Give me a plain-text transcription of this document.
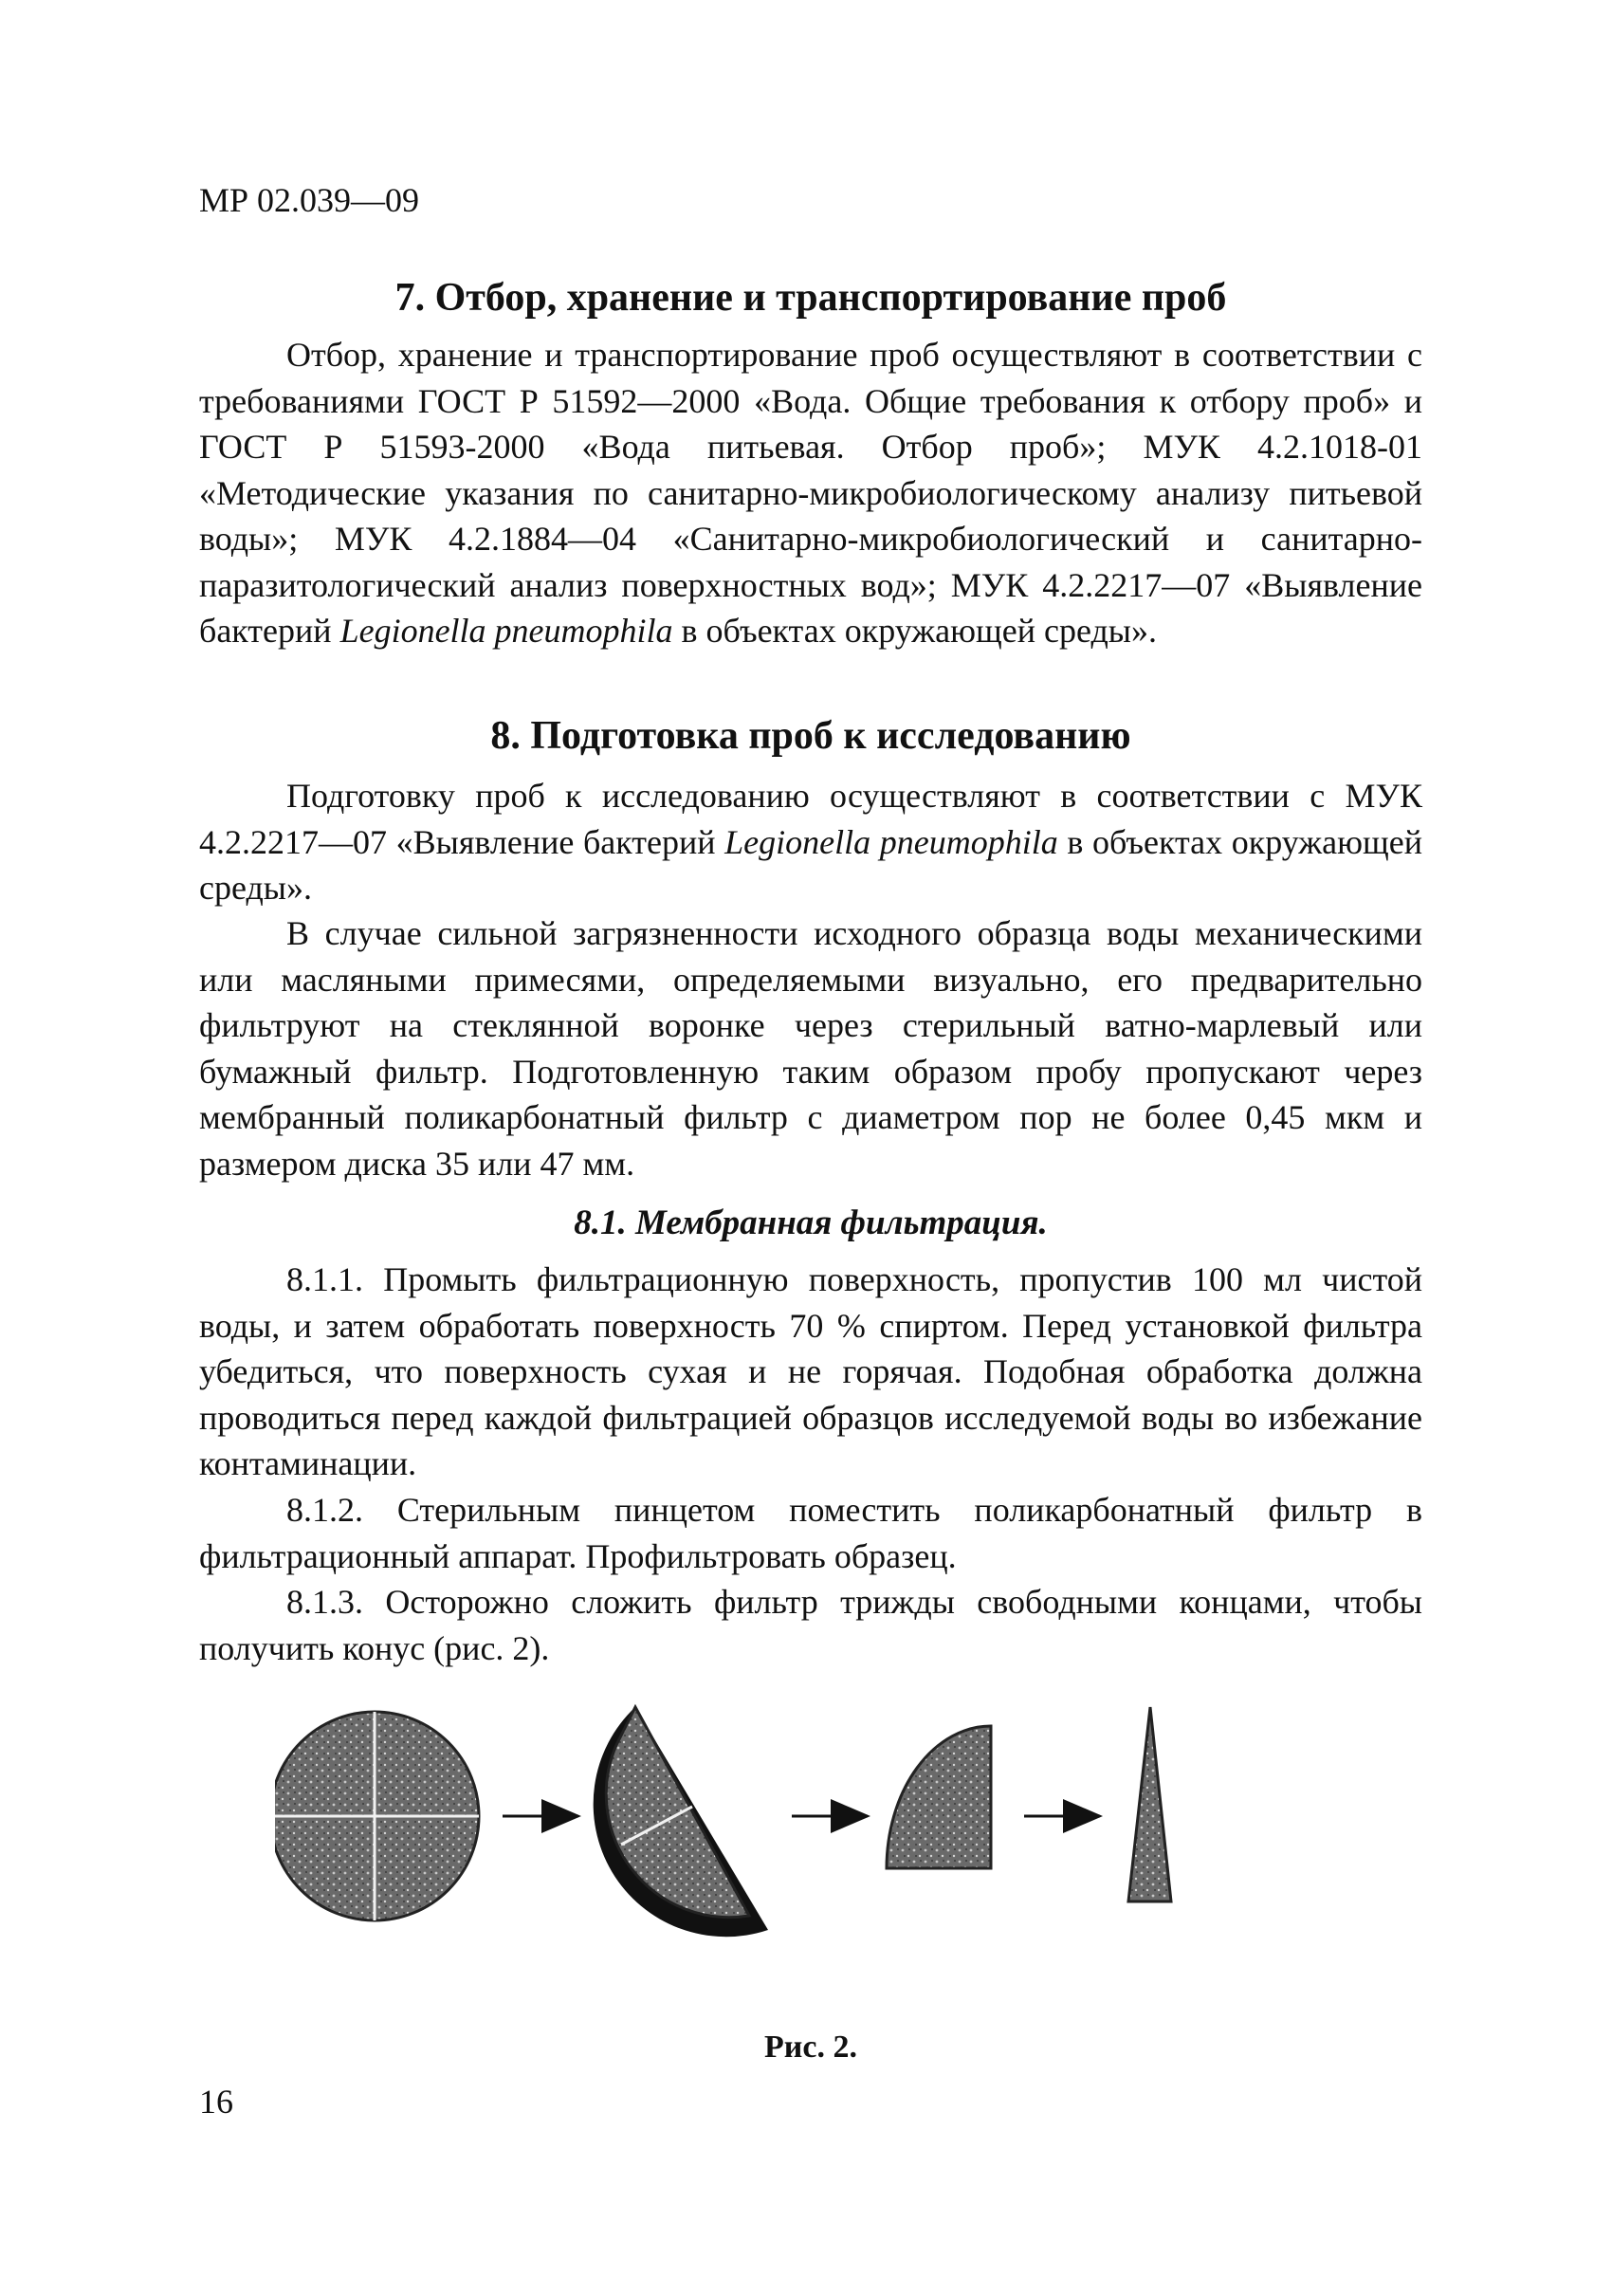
МР 02.039—09
7. Отбор, хранение и транспортирование проб
Отбор, хранение и транспортирование проб осуществляют в соответствии с требованиями ГОСТ Р 51592—2000 «Вода. Общие требования к отбору проб» и ГОСТ Р 51593-2000 «Вода питьевая. Отбор проб»; МУК 4.2.1018-01 «Методические указания по санитарно-микробиологическому анализу питьевой воды»; МУК 4.2.1884—04 «Санитарно-микробиологический и санитарно-паразитологический анализ поверхностных вод»; МУК 4.2.2217—07 «Выявление бактерий Legionella pneumophila в объектах окружающей среды».
8. Подготовка проб к исследованию
Подготовку проб к исследованию осуществляют в соответствии с МУК 4.2.2217—07 «Выявление бактерий Legionella pneumophila в объектах окружающей среды».
В случае сильной загрязненности исходного образца воды механическими или масляными примесями, определяемыми визуально, его предварительно фильтруют на стеклянной воронке через стерильный ватно-марлевый или бумажный фильтр. Подготовленную таким образом пробу пропускают через мембранный поликарбонатный фильтр с диаметром пор не более 0,45 мкм и размером диска 35 или 47 мм.
8.1. Мембранная фильтрация.
8.1.1. Промыть фильтрационную поверхность, пропустив 100 мл чистой воды, и затем обработать поверхность 70 % спиртом. Перед установкой фильтра убедиться, что поверхность сухая и не горячая. Подобная обработка должна проводиться перед каждой фильтрацией образцов исследуемой воды во избежание контаминации.
8.1.2. Стерильным пинцетом поместить поликарбонатный фильтр в фильтрационный аппарат. Профильтровать образец.
8.1.3. Осторожно сложить фильтр трижды свободными концами, чтобы получить конус (рис. 2).
Рис. 2.
16
